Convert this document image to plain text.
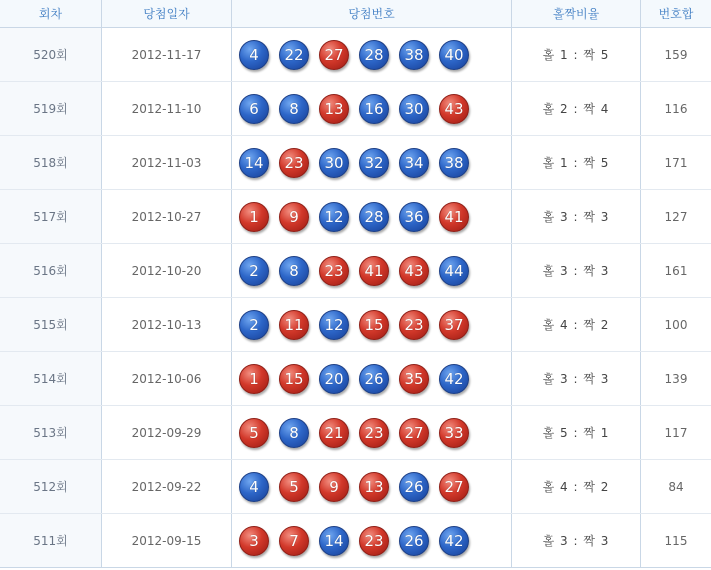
회차	당첨일자	당첨번호	홀짝비율	번호합
520회	2012-11-17	4	22	27	28	38	40	홀 1 : 짝 5	159
519회	2012-11-10	6	8	13	16	30	43	홀 2 : 짝 4	116
518회	2012-11-03	14	23	30	32	34	38	홀 1 : 짝 5	171
517회	2012-10-27	1	9	12	28	36	41	홀 3 : 짝 3	127
516회	2012-10-20	2	8	23	41	43	44	홀 3 : 짝 3	161
515회	2012-10-13	2	11	12	15	23	37	홀 4 : 짝 2	100
514회	2012-10-06	1	15	20	26	35	42	홀 3 : 짝 3	139
513회	2012-09-29	5	8	21	23	27	33	홀 5 : 짝 1	117
512회	2012-09-22	4	5	9	13	26	27	홀 4 : 짝 2	84
511회	2012-09-15	3	7	14	23	26	42	홀 3 : 짝 3	115
